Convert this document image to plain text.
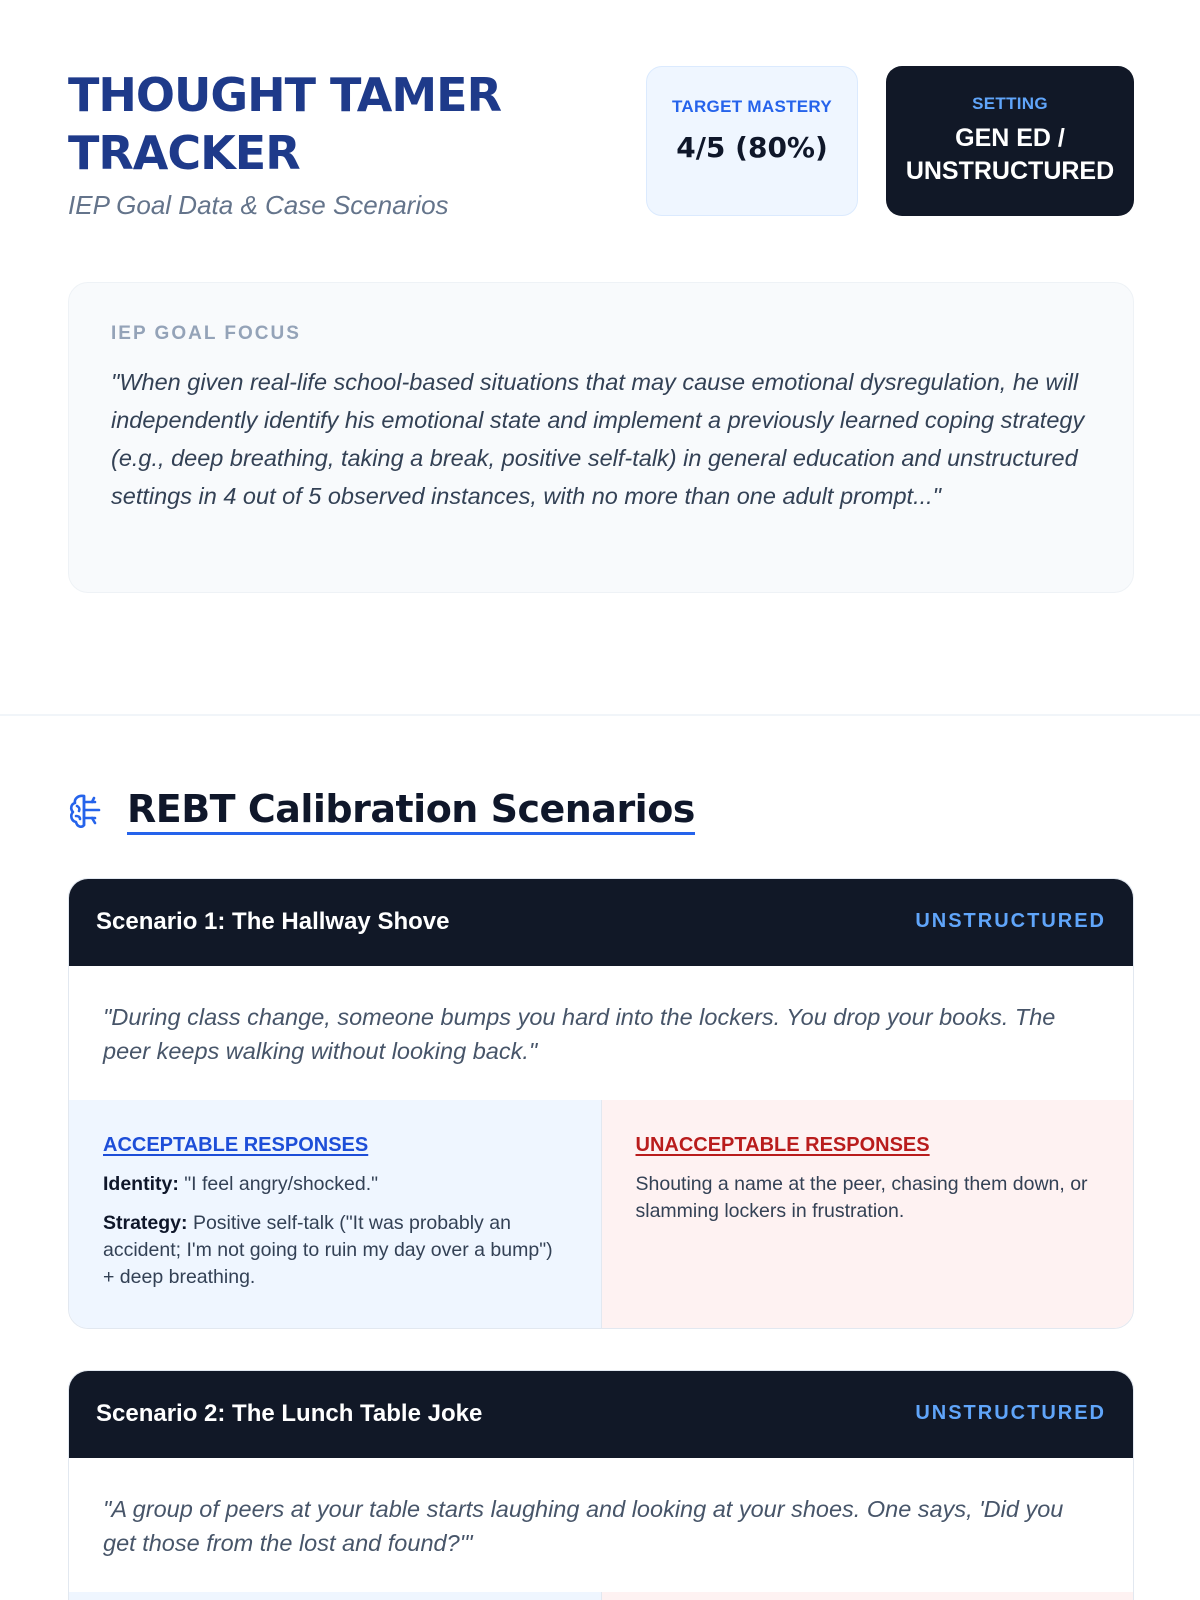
THOUGHT TAMER TRACKER
IEP Goal Data & Case Scenarios
TARGET MASTERY
4/5 (80%)
SETTING
GEN ED / UNSTRUCTURED
IEP GOAL FOCUS
"When given real-life school-based situations that may cause emotional dysregulation, he will independently identify his emotional state and implement a previously learned coping strategy (e.g., deep breathing, taking a break, positive self-talk) in general education and unstructured settings in 4 out of 5 observed instances, with no more than one adult prompt..."
REBT Calibration Scenarios
Scenario 1: The Hallway Shove	UNSTRUCTURED
"During class change, someone bumps you hard into the lockers. You drop your books. The peer keeps walking without looking back."
ACCEPTABLE RESPONSES
Identity: "I feel angry/shocked."
Strategy: Positive self-talk ("It was probably an accident; I'm not going to ruin my day over a bump") + deep breathing.
UNACCEPTABLE RESPONSES
Shouting a name at the peer, chasing them down, or slamming lockers in frustration.
Scenario 2: The Lunch Table Joke	UNSTRUCTURED
"A group of peers at your table starts laughing and looking at your shoes. One says, 'Did you get those from the lost and found?'"
